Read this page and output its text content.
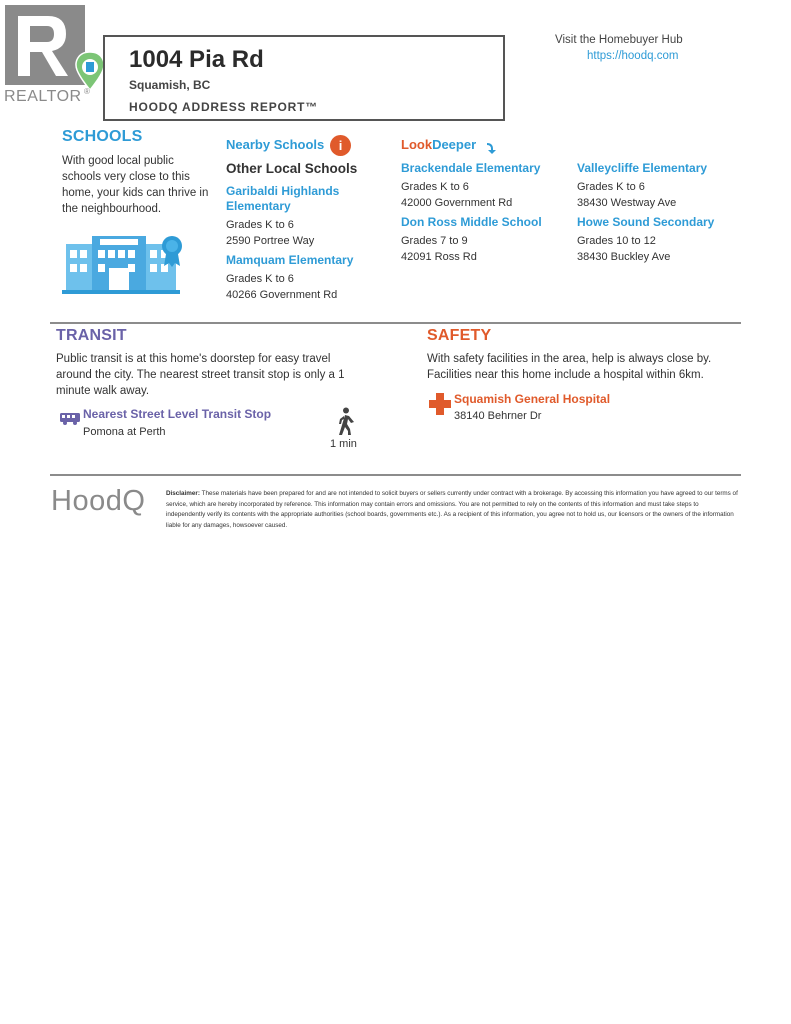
REALTOR ®
1004 Pia Rd
Squamish, BC
HOODQ ADDRESS REPORT™
Visit the Homebuyer Hub
https://hoodq.com
SCHOOLS
With good local public schools very close to this home, your kids can thrive in the neighbourhood.
Nearby Schools	i
Other Local Schools
Garibaldi Highlands Elementary
Grades K to 6
2590 Portree Way
Mamquam Elementary
Grades K to 6
40266 Government Rd
LookDeeper
Brackendale Elementary
Grades K to 6
42000 Government Rd
Valleycliffe Elementary
Grades K to 6
38430 Westway Ave
Don Ross Middle School
Grades 7 to 9
42091 Ross Rd
Howe Sound Secondary
Grades 10 to 12
38430 Buckley Ave
TRANSIT
Public transit is at this home's doorstep for easy travel around the city. The nearest street transit stop is only a 1 minute walk away.
Nearest Street Level Transit Stop
Pomona at Perth
1 min
SAFETY
With safety facilities in the area, help is always close by. Facilities near this home include a hospital within 6km.
Squamish General Hospital
38140 Behrner Dr
HoodQ	Disclaimer: These materials have been prepared for and are not intended to solicit buyers or sellers currently under contract with a brokerage. By accessing this information you have agreed to our terms of service, which are hereby incorporated by reference. This information may contain errors and omissions. You are not permitted to rely on the contents of this information and must take steps to independently verify its contents with the appropriate authorities (school boards, governments etc.). As a recipient of this information, you agree not to hold us, our licensors or the owners of the information liable for any damages, howsoever caused.
